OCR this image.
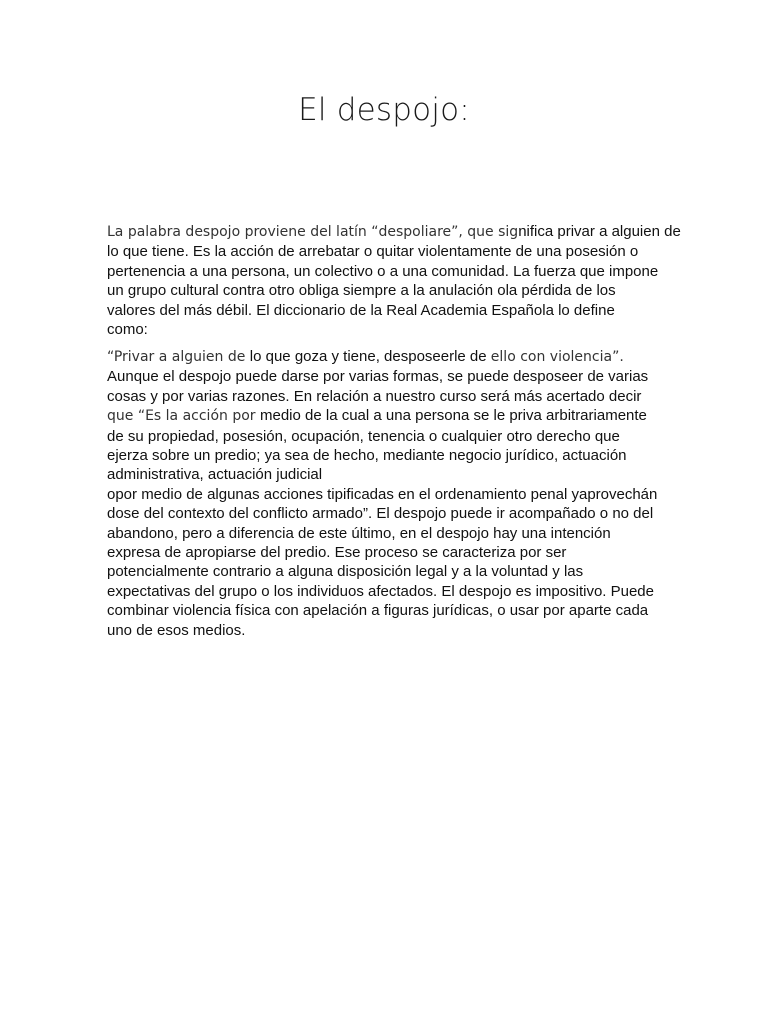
El despojo:

La palabra despojo proviene del latín “despoliare”, que significa privar a alguien de
lo que tiene. Es la acción de arrebatar o quitar violentamente de una posesión o
pertenencia a una persona, un colectivo o a una comunidad. La fuerza que impone
un grupo cultural contra otro obliga siempre a la anulación ola pérdida de los
valores del más débil. El diccionario de la Real Academia Española lo define
como:

“Privar a alguien de lo que goza y tiene, desposeerle de ello con violencia”.
Aunque el despojo puede darse por varias formas, se puede desposeer de varias
cosas y por varias razones. En relación a nuestro curso será más acertado decir
que “Es la acción por medio de la cual a una persona se le priva arbitrariamente
de su propiedad, posesión, ocupación, tenencia o cualquier otro derecho que
ejerza sobre un predio; ya sea de hecho, mediante negocio jurídico, actuación
administrativa, actuación judicial
opor medio de algunas acciones tipificadas en el ordenamiento penal yaprovechán
dose del contexto del conflicto armado”. El despojo puede ir acompañado o no del
abandono, pero a diferencia de este último, en el despojo hay una intención
expresa de apropiarse del predio. Ese proceso se caracteriza por ser
potencialmente contrario a alguna disposición legal y a la voluntad y las
expectativas del grupo o los individuos afectados. El despojo es impositivo. Puede
combinar violencia física con apelación a figuras jurídicas, o usar por aparte cada
uno de esos medios.
